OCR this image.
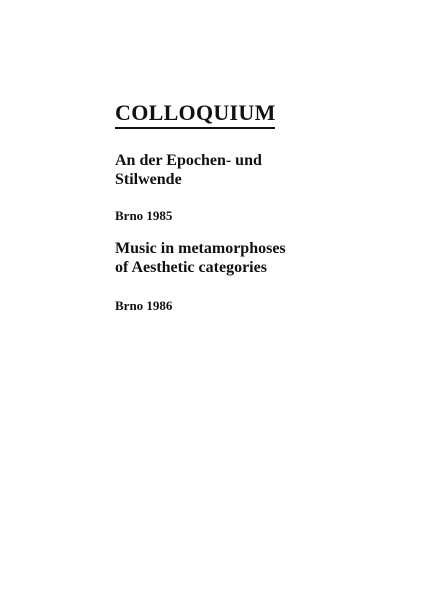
COLLOQUIUM
An der Epochen- und
Stilwende

Brno 1985

Music in metamorphoses
of Aesthetic categories

Brno 1986
